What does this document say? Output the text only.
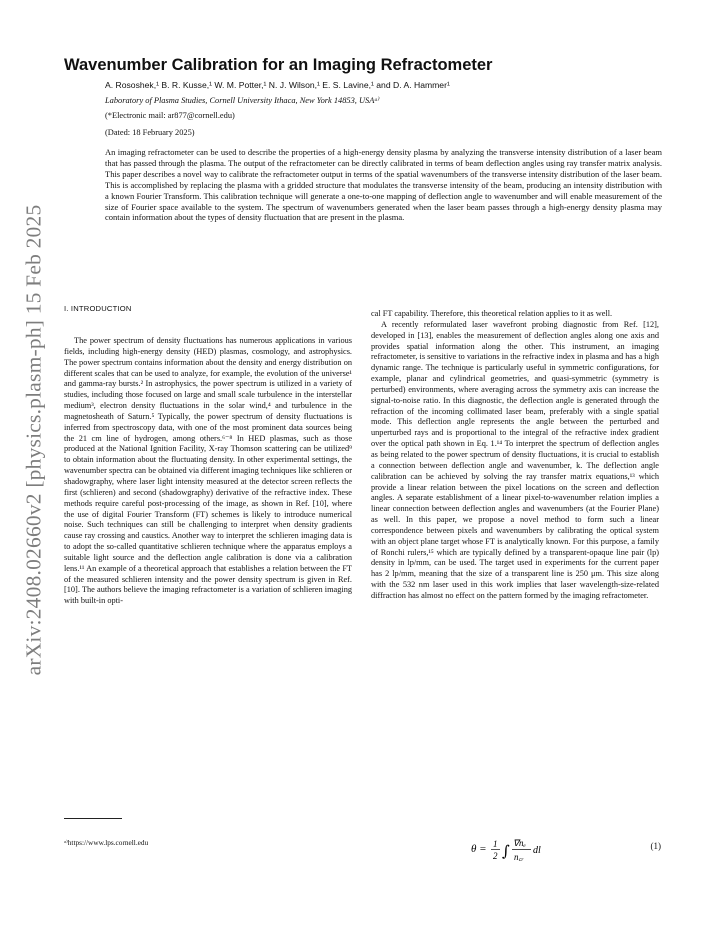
arXiv:2408.02660v2 [physics.plasm-ph] 15 Feb 2025
Wavenumber Calibration for an Imaging Refractometer
A. Rososhek,¹ B. R. Kusse,¹ W. M. Potter,¹ N. J. Wilson,¹ E. S. Lavine,¹ and D. A. Hammer¹
Laboratory of Plasma Studies, Cornell University Ithaca, New York 14853, USAᵃ⁾
(*Electronic mail: ar877@cornell.edu)
(Dated: 18 February 2025)

An imaging refractometer can be used to describe the properties of a high-energy density plasma by analyzing the transverse intensity distribution of a laser beam that has passed through the plasma. The output of the refractometer can be directly calibrated in terms of beam deflection angles using ray transfer matrix analysis. This paper describes a novel way to calibrate the refractometer output in terms of the spatial wavenumbers of the transverse intensity distribution of the laser beam. This is accomplished by replacing the plasma with a gridded structure that modulates the transverse intensity of the beam, producing an intensity distribution with a known Fourier Transform. This calibration technique will generate a one-to-one mapping of deflection angle to wavenumber and will enable measurement of the size of Fourier space available to the system. The spectrum of wavenumbers generated when the laser beam passes through a high-energy density plasma may contain information about the types of density fluctuation that are present in the plasma.

I. INTRODUCTION

The power spectrum of density fluctuations has numerous applications in various fields, including high-energy density (HED) plasmas, cosmology, and astrophysics. The power spectrum contains information about the density and energy distribution on different scales that can be used to analyze, for example, the evolution of the universe¹ and gamma-ray bursts.² In astrophysics, the power spectrum is utilized in a variety of studies, including those focused on large and small scale turbulence in the interstellar medium³, electron density fluctuations in the solar wind,⁴ and turbulence in the magnetosheath of Saturn.⁵ Typically, the power spectrum of density fluctuations is inferred from spectroscopy data, with one of the most prominent data sources being the 21 cm line of hydrogen, among others.⁶⁻⁸ In HED plasmas, such as those produced at the National Ignition Facility, X-ray Thomson scattering can be utilized⁹ to obtain information about the fluctuating density. In other experimental settings, the wavenumber spectra can be obtained via different imaging techniques like schlieren or shadowgraphy, where laser light intensity measured at the detector screen reflects the first (schlieren) and second (shadowgraphy) derivative of the refractive index. These methods require careful post-processing of the image, as shown in Ref. [10], where the use of digital Fourier Transform (FT) schemes is likely to introduce numerical noise. Such techniques can still be challenging to interpret when density gradients cause ray crossing and caustics. Another way to interpret the schlieren imaging data is to adopt the so-called quantitative schlieren technique where the apparatus employs a suitable light source and the deflection angle calibration is done via a calibration lens.¹¹ An example of a theoretical approach that establishes a relation between the FT of the measured schlieren intensity and the power density spectrum is given in Ref. [10]. The authors believe the imaging refractometer is a variation of schlieren imaging with built-in opti-

cal FT capability. Therefore, this theoretical relation applies to it as well.

A recently reformulated laser wavefront probing diagnostic from Ref. [12], developed in [13], enables the measurement of deflection angles along one axis and provides spatial information along the other. This instrument, an imaging refractometer, is sensitive to variations in the refractive index in plasma and has a high dynamic range. The technique is particularly useful in symmetric configurations, for example, planar and cylindrical geometries, and quasi-symmetric (symmetry is perturbed) environments, where averaging across the symmetry axis can increase the signal-to-noise ratio. In this diagnostic, the deflection angle is generated through the refraction of the incoming collimated laser beam, preferably with a single spatial mode. This deflection angle represents the angle between the perturbed and unperturbed rays and is proportional to the integral of the refractive index gradient over the optical path shown in Eq. 1.¹⁴ To interpret the spectrum of deflection angles as being related to the power spectrum of density fluctuations, it is crucial to establish a connection between deflection angle and wavenumber, k. The deflection angle calibration can be achieved by solving the ray transfer matrix equations,¹³ which provide a linear relation between the pixel locations on the screen and deflection angles. A separate establishment of a linear pixel-to-wavenumber relation implies a linear connection between deflection angles and wavenumbers (at the Fourier Plane) as well. In this paper, we propose a novel method to form such a linear correspondence between pixels and wavenumbers by calibrating the optical system with an object plane target whose FT is analytically known. For this purpose, a family of Ronchi rulers,¹⁵ which are typically defined by a transparent-opaque line pair (lp) density in lp/mm, can be used. The target used in experiments for the current paper has 2 lp/mm, meaning that the size of a transparent line is 250 μm. This size along with the 532 nm laser used in this work implies that laser wavelength-size-related diffraction has almost no effect on the pattern formed by the imaging refractometer.

ᵃ⁾https://www.lps.cornell.edu
θ = 1
2 ∫ ∇nₑ
n꜀ᵣ
dl	(1)
